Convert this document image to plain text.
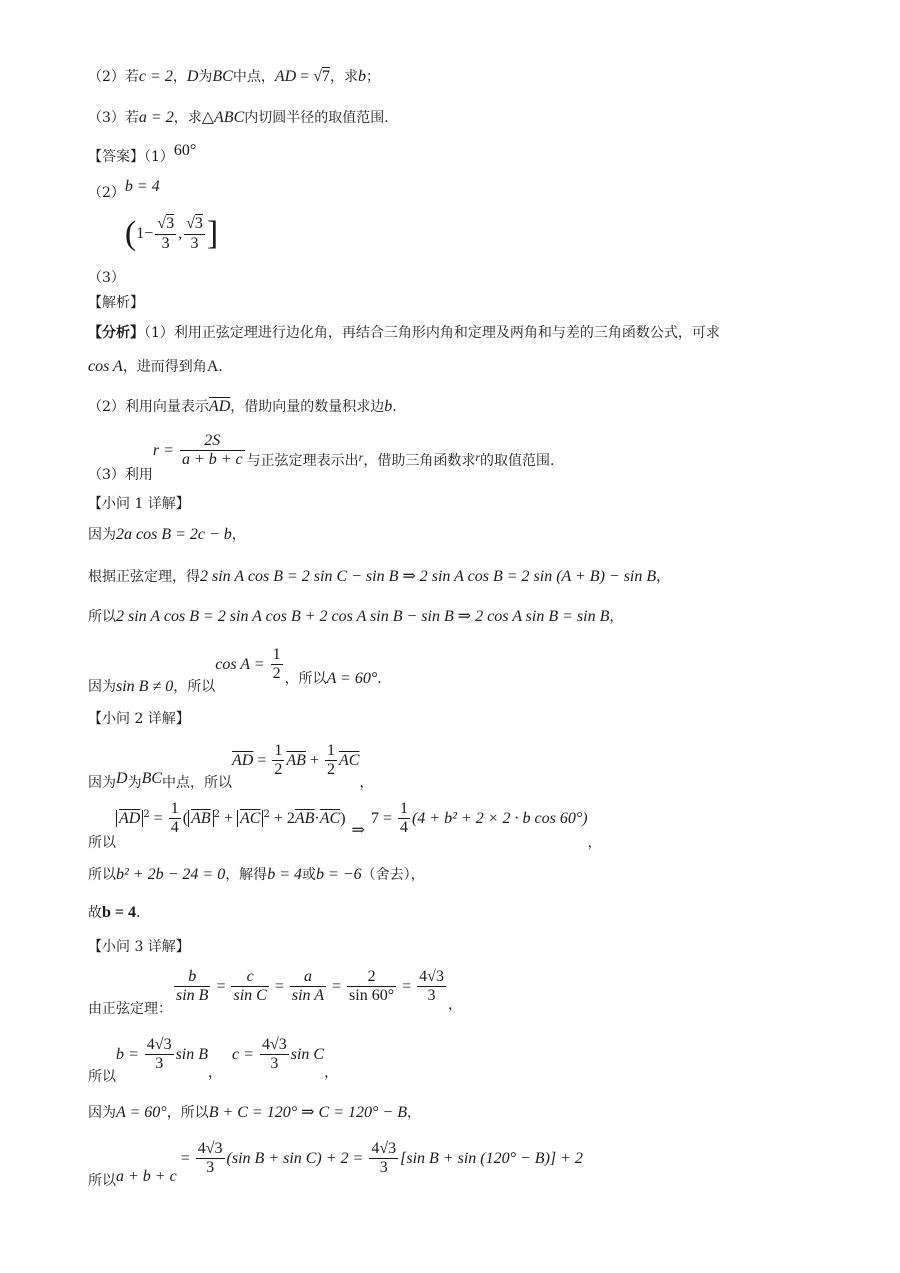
（2）若c = 2，D为BC中点，AD = √ 7，求b；
（3）若a = 2，求△ABC内切圆半径的取值范围.
【答案】（1）60°
（2）b = 4
（3）(1− √ $\frac{3}{3}$ , √ $\frac{3}{3}$ ]
【解析】
【分析】（1）利用正弦定理进行边化角，再结合三角形内角和定理及两角和与差的三角函数公式，可求
cos A，进而得到角A.
（2）利用向量表示$\overline{AD}$，借助向量的数量积求边b.
（3）利用$r = \frac{2S}{a + b + c}$ 与正弦定理表示出r，借助三角函数求r的取值范围.
【小问 1 详解】
因为2a cos B = 2c − b，
根据正弦定理，得2 sin A cos B = 2 sin C − sin B ⇒ 2 sin A cos B = 2 sin (A + B) − sin B，
所以2 sin A cos B = 2 sin A cos B + 2 cos A sin B − sin B ⇒ 2 cos A sin B = sin B，
因为sin B ≠ 0，所以$\cos A = \frac{1}{2}$ ，所以A = 60°.
【小问 2 详解】
因为D为BC中点，所以$\overline{AD} = \frac{1}{2} \overline{AB} + \frac{1}{2} \overline{AC}$，
所以$\overline{AD}$ $^2 = \frac{1}{4}$ ( $\overline{AB}$ $^2 + \overline{AC}$ $^2 + 2\overline{AB}\cdot\overline{AC})\Rightarrow 7 = \frac{1}{4} (4 + b^2 + 2 \times 2 \cdot b$ cos 60°)，
所以b² + 2b − 24 = 0，解得b = 4或b = −6（舍去），
故b = 4.
【小问 3 详解】
由正弦定理：
$\frac{b}{\text{sin B}} = \frac{c}{\text{sin C}} = \frac{a}{\text{sin A}} = \frac{2}{\sin 60^\circ} = \frac{4√3}{3}$ ，
所以$b = \frac{4√3}{3}$ sin B，$c = \frac{4√3}{3}$ sin C，
因为A = 60°，所以B + C = 120° ⇒ C = 120° − B，
所以$a + b + c = \frac{4√3}{3} (\sin$ $B + \sin C) + 2 = \frac{4√3}{3} [\sin$ B + sin (120° − B)] + 2
